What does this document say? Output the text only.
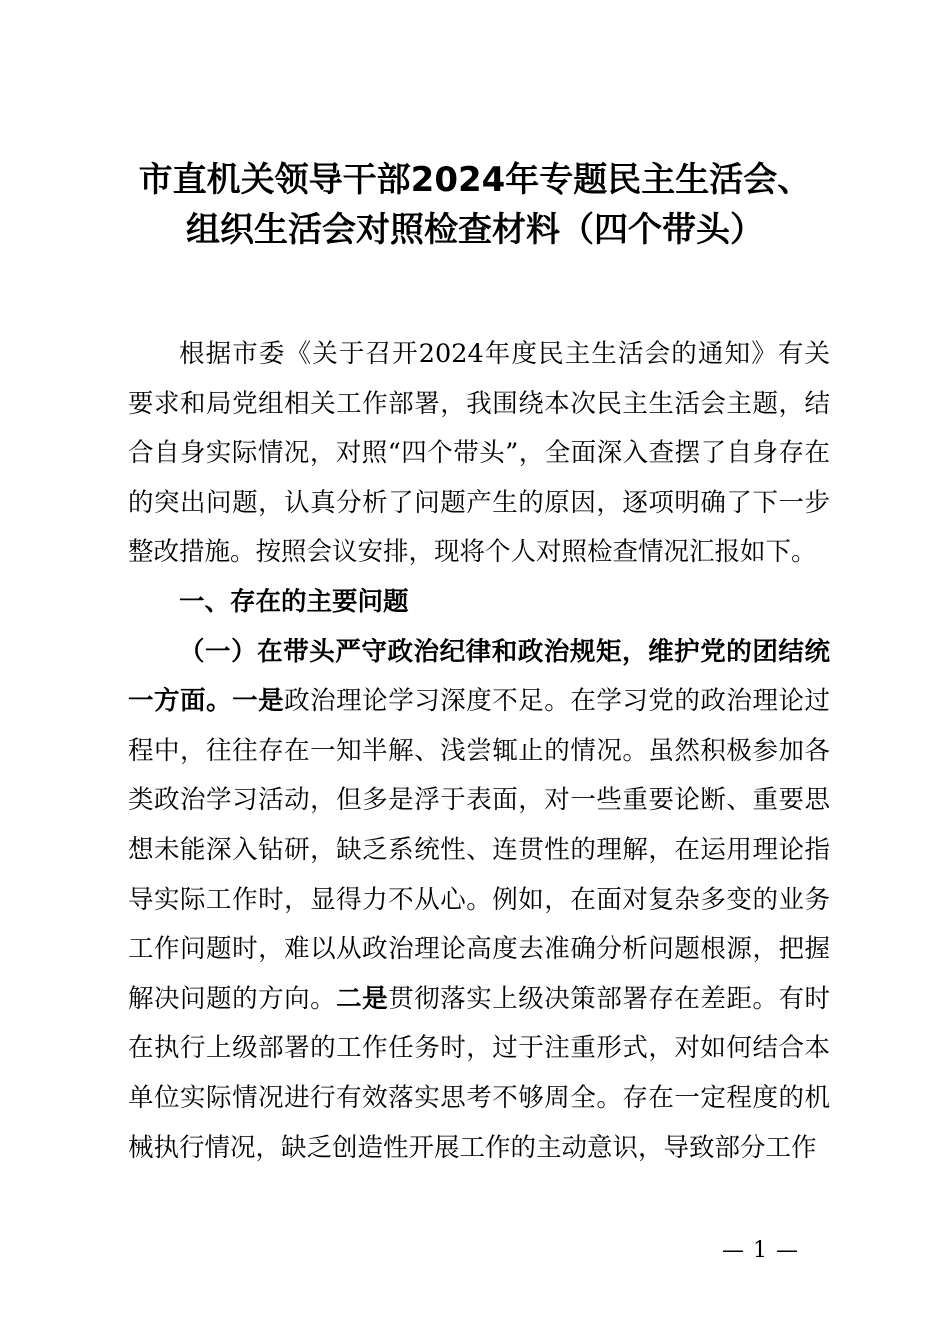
市直机关领导干部2024年专题民主生活会、
组织生活会对照检查材料（四个带头）

根据市委《关于召开2024年度民主生活会的通知》有关要求和局党组相关工作部署，我围绕本次民主生活会主题，结合自身实际情况，对照“四个带头”，全面深入查摆了自身存在的突出问题，认真分析了问题产生的原因，逐项明确了下一步整改措施。按照会议安排，现将个人对照检查情况汇报如下。

一、存在的主要问题

（一）在带头严守政治纪律和政治规矩，维护党的团结统一方面。一是政治理论学习深度不足。在学习党的政治理论过程中，往往存在一知半解、浅尝辄止的情况。虽然积极参加各类政治学习活动，但多是浮于表面，对一些重要论断、重要思想未能深入钻研，缺乏系统性、连贯性的理解，在运用理论指导实际工作时，显得力不从心。例如，在面对复杂多变的业务工作问题时，难以从政治理论高度去准确分析问题根源，把握解决问题的方向。二是贯彻落实上级决策部署存在差距。有时在执行上级部署的工作任务时，过于注重形式，对如何结合本单位实际情况进行有效落实思考不够周全。存在一定程度的机械执行情况，缺乏创造性开展工作的主动意识，导致部分工作

— 1 —
